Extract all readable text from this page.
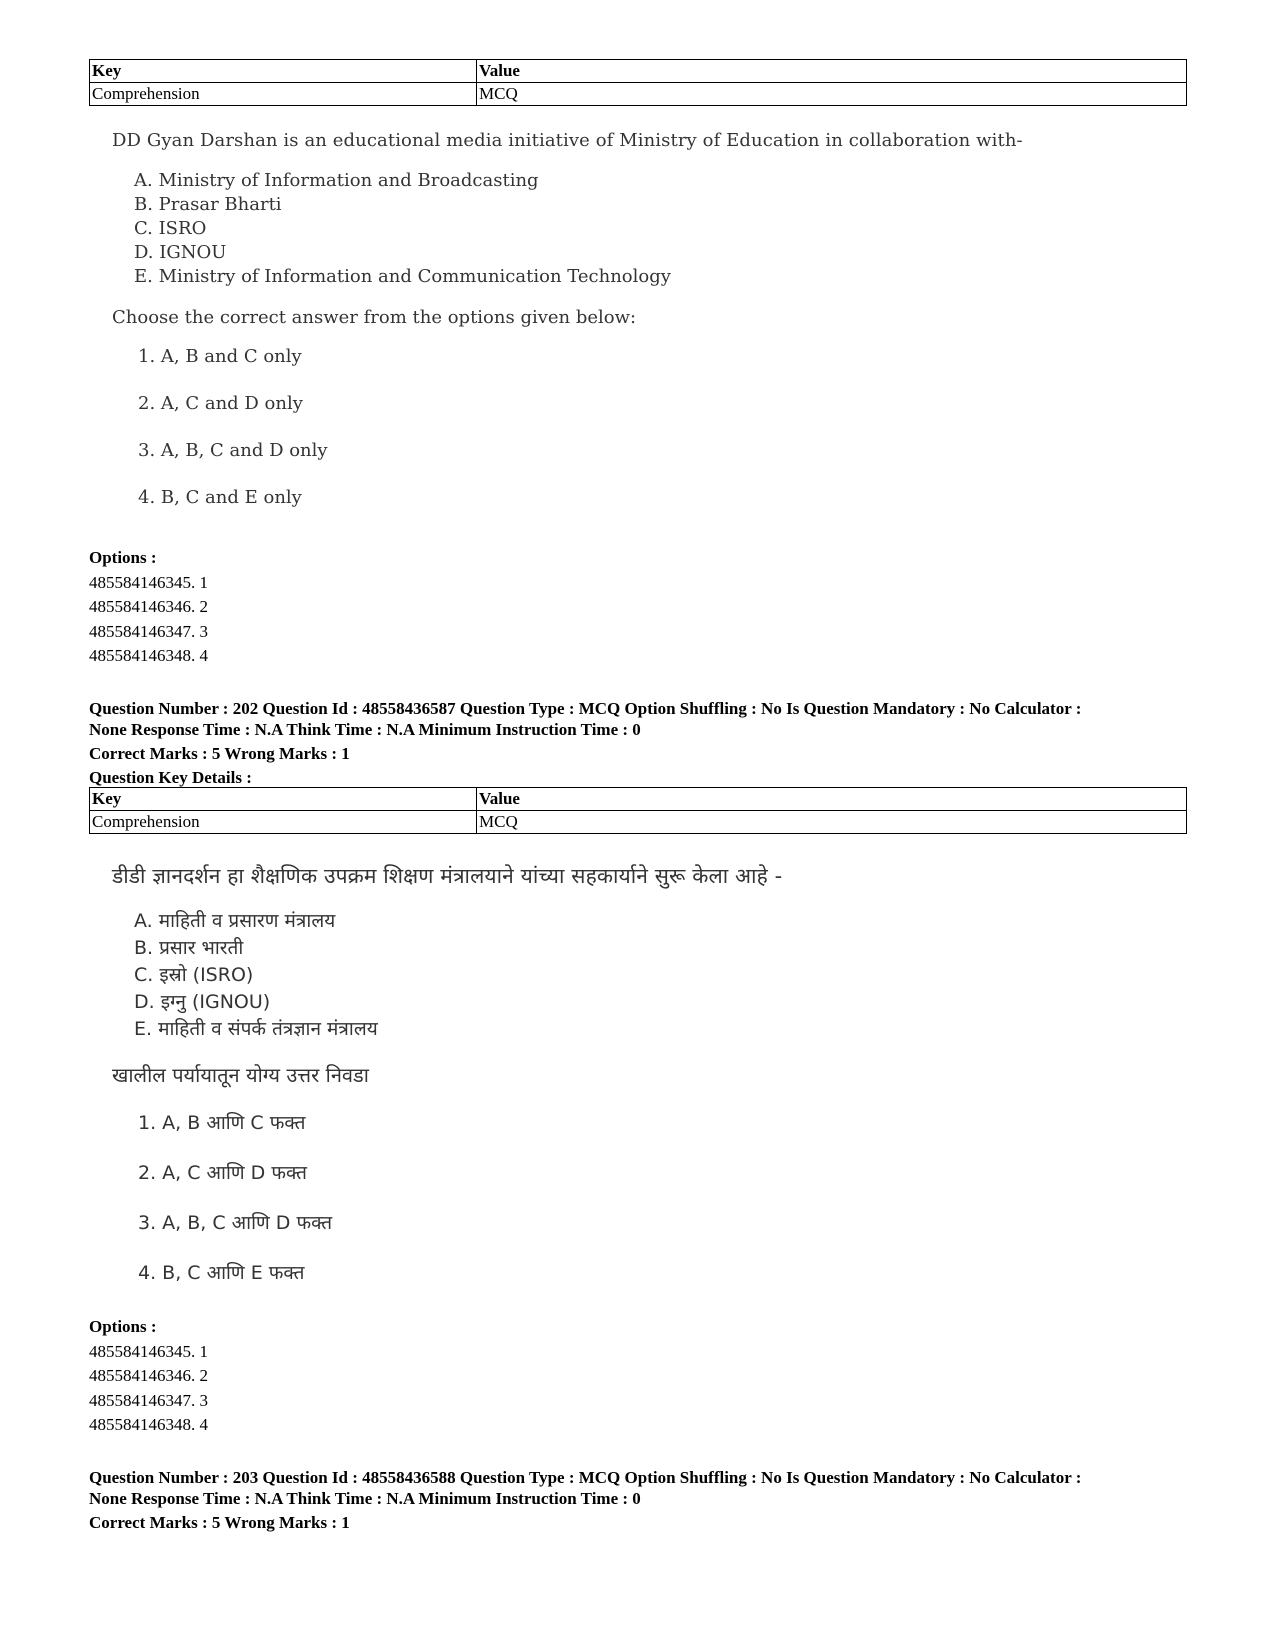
Key	Value
Comprehension	MCQ

DD Gyan Darshan is an educational media initiative of Ministry of Education in collaboration with-

A. Ministry of Information and Broadcasting
B. Prasar Bharti
C. ISRO
D. IGNOU
E. Ministry of Information and Communication Technology

Choose the correct answer from the options given below:

1. A, B and C only
2. A, C and D only
3. A, B, C and D only
4. B, C and E only
Options :
485584146345. 1
485584146346. 2
485584146347. 3
485584146348. 4

Question Number : 202 Question Id : 48558436587 Question Type : MCQ Option Shuffling : No Is Question Mandatory : No Calculator :

None Response Time : N.A Think Time : N.A Minimum Instruction Time : 0

Correct Marks : 5 Wrong Marks : 1

Question Key Details :

Key	Value
Comprehension	MCQ

डीडी ज्ञानदर्शन हा शैक्षणिक उपक्रम शिक्षण मंत्रालयाने यांच्या सहकार्याने सुरू केला आहे -

A. माहिती व प्रसारण मंत्रालय
B. प्रसार भारती
C. इस्रो (ISRO)
D. इग्नु (IGNOU)
E. माहिती व संपर्क तंत्रज्ञान मंत्रालय

खालील पर्यायातून योग्य उत्तर निवडा

1. A, B आणि C फक्त
2. A, C आणि D फक्त
3. A, B, C आणि D फक्त
4. B, C आणि E फक्त
Options :
485584146345. 1
485584146346. 2
485584146347. 3
485584146348. 4

Question Number : 203 Question Id : 48558436588 Question Type : MCQ Option Shuffling : No Is Question Mandatory : No Calculator :

None Response Time : N.A Think Time : N.A Minimum Instruction Time : 0

Correct Marks : 5 Wrong Marks : 1
